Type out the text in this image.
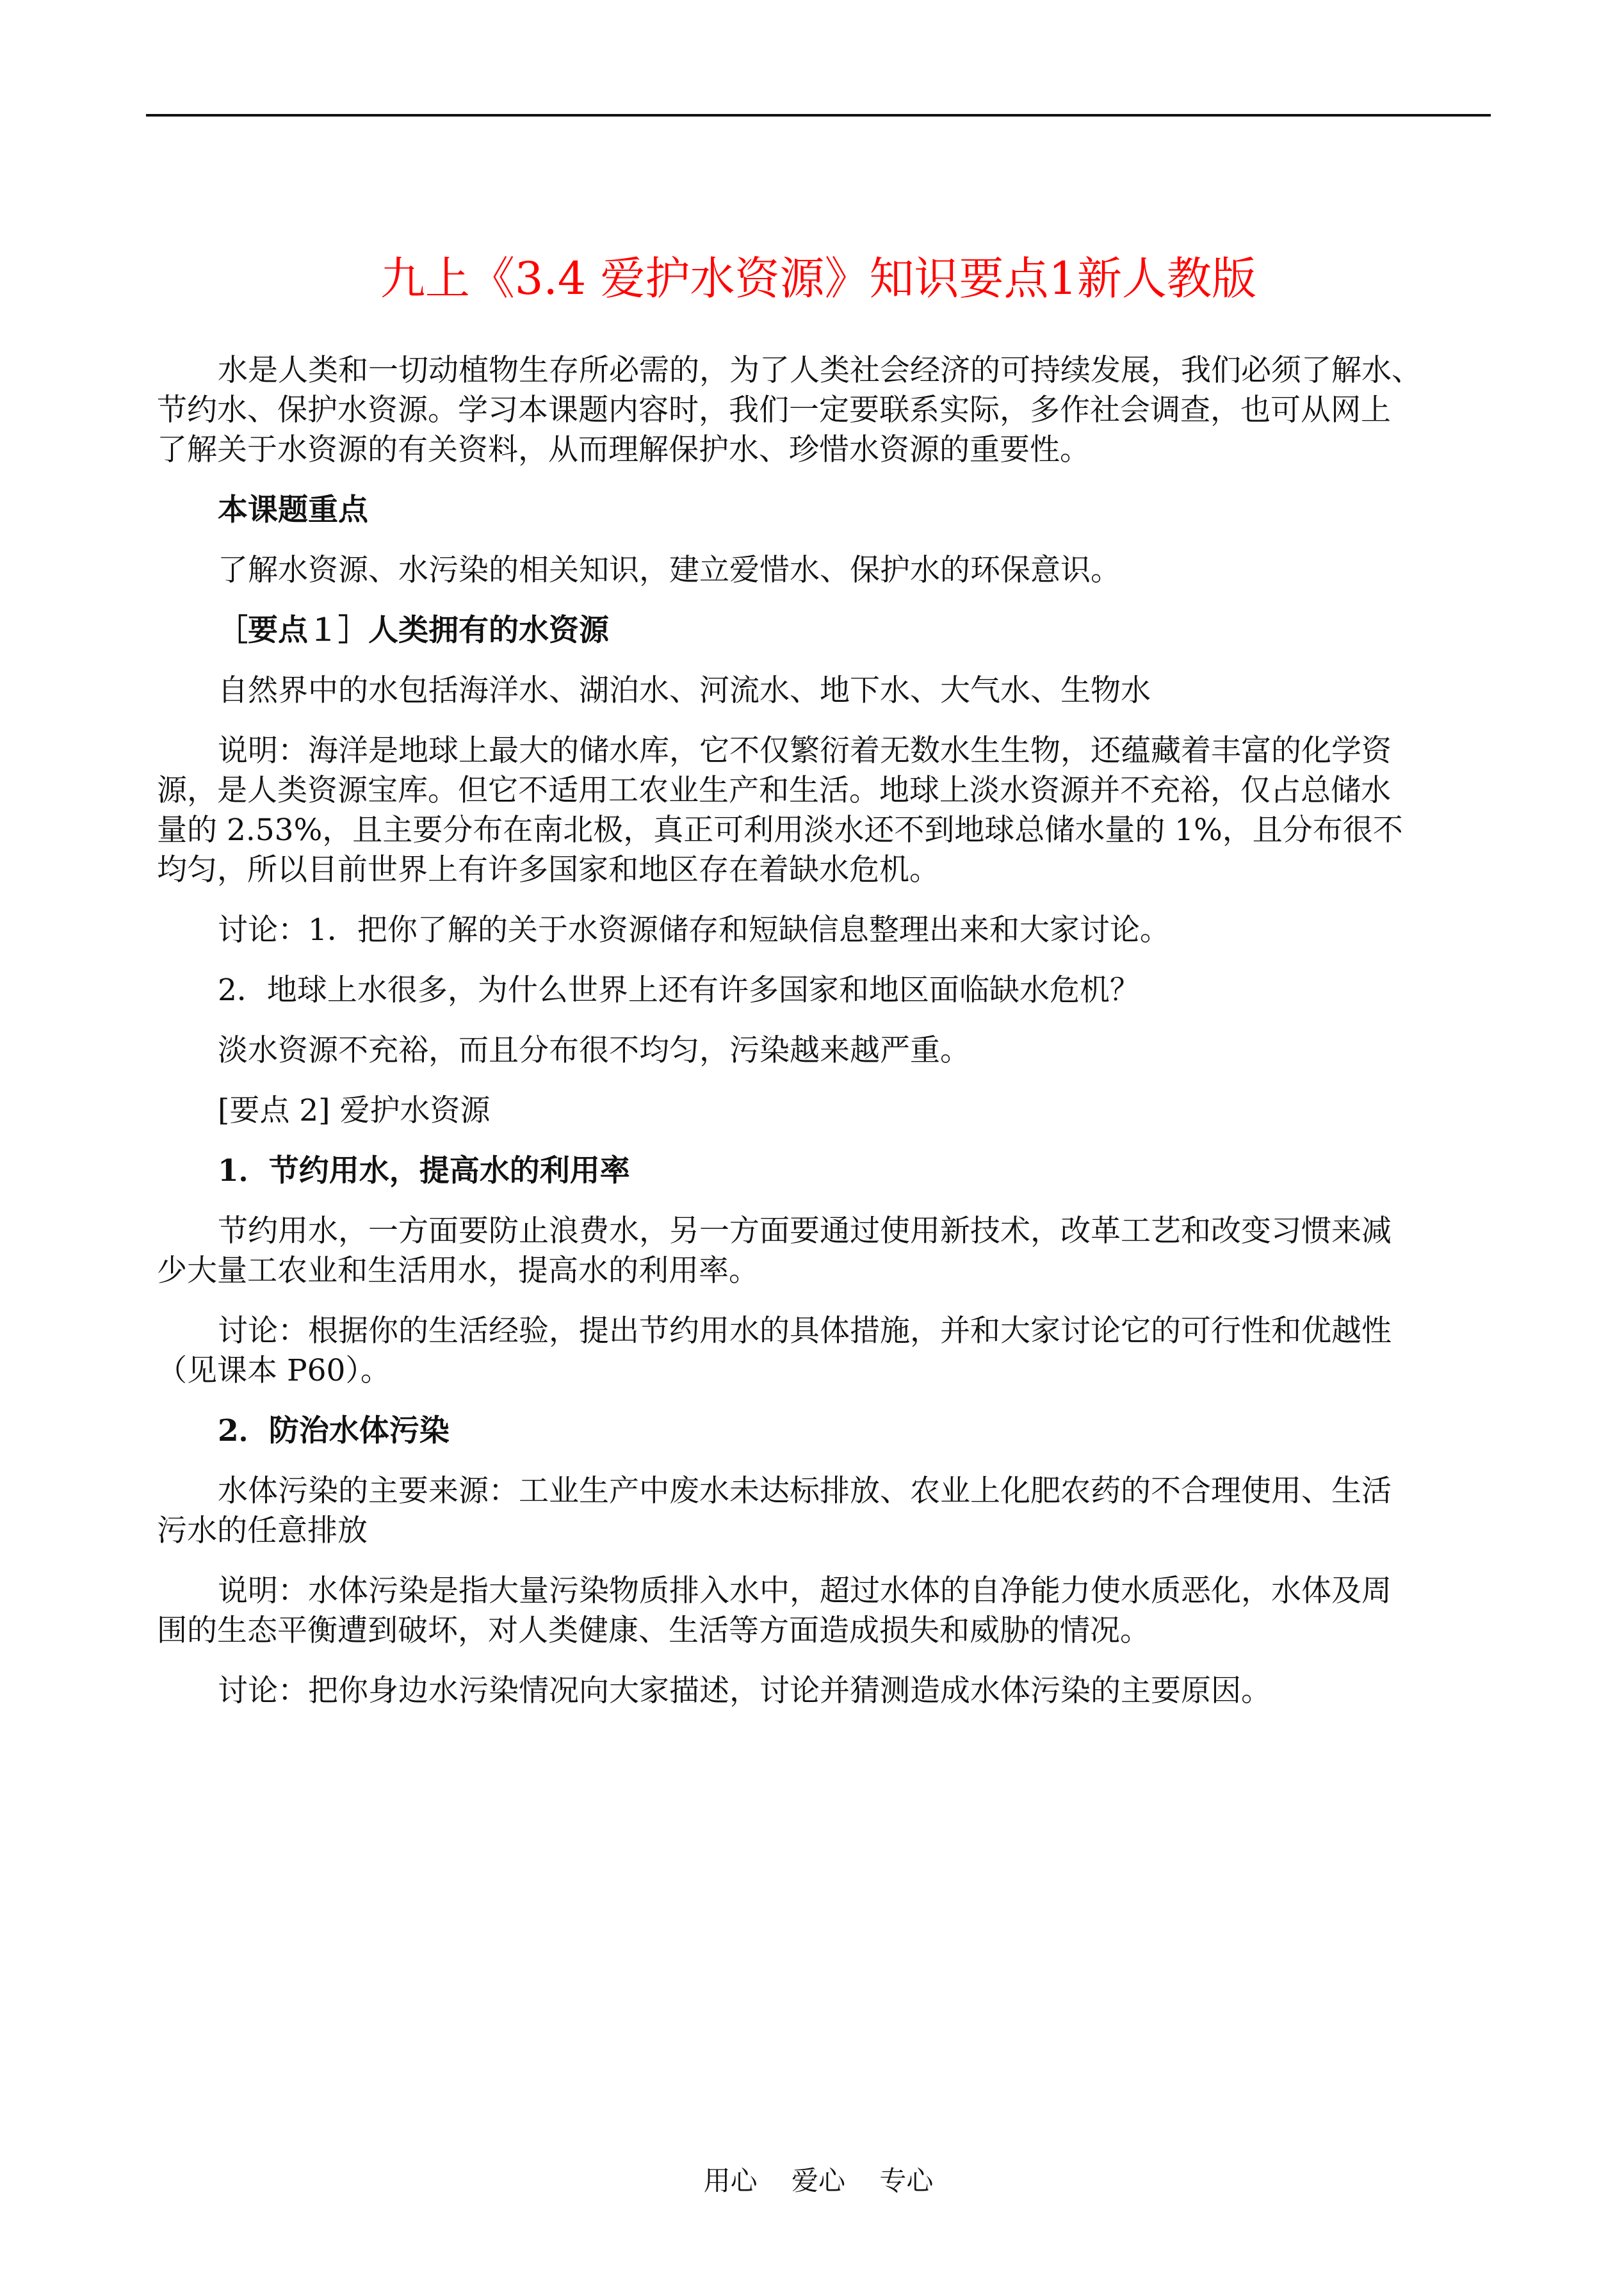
九上《3.4 爱护水资源》知识要点1新人教版
水是人类和一切动植物生存所必需的，为了人类社会经济的可持续发展，我们必须了解水、
节约水、保护水资源。学习本课题内容时，我们一定要联系实际，多作社会调查，也可从网上
了解关于水资源的有关资料，从而理解保护水、珍惜水资源的重要性。
本课题重点
了解水资源、水污染的相关知识，建立爱惜水、保护水的环保意识。
［要点１］人类拥有的水资源
自然界中的水包括海洋水、湖泊水、河流水、地下水、大气水、生物水
说明：海洋是地球上最大的储水库，它不仅繁衍着无数水生生物，还蕴藏着丰富的化学资
源，是人类资源宝库。但它不适用工农业生产和生活。地球上淡水资源并不充裕，仅占总储水
量的 2.53%，且主要分布在南北极，真正可利用淡水还不到地球总储水量的 1%，且分布很不
均匀，所以目前世界上有许多国家和地区存在着缺水危机。
讨论：1．把你了解的关于水资源储存和短缺信息整理出来和大家讨论。
2．地球上水很多，为什么世界上还有许多国家和地区面临缺水危机？
淡水资源不充裕，而且分布很不均匀，污染越来越严重。
[要点 2] 爱护水资源
1．节约用水，提高水的利用率
节约用水，一方面要防止浪费水，另一方面要通过使用新技术，改革工艺和改变习惯来减
少大量工农业和生活用水，提高水的利用率。
讨论：根据你的生活经验，提出节约用水的具体措施，并和大家讨论它的可行性和优越性
（见课本 P60）。
2．防治水体污染
水体污染的主要来源：工业生产中废水未达标排放、农业上化肥农药的不合理使用、生活
污水的任意排放
说明：水体污染是指大量污染物质排入水中，超过水体的自净能力使水质恶化，水体及周
围的生态平衡遭到破坏，对人类健康、生活等方面造成损失和威胁的情况。
讨论：把你身边水污染情况向大家描述，讨论并猜测造成水体污染的主要原因。
用心    爱心    专心
